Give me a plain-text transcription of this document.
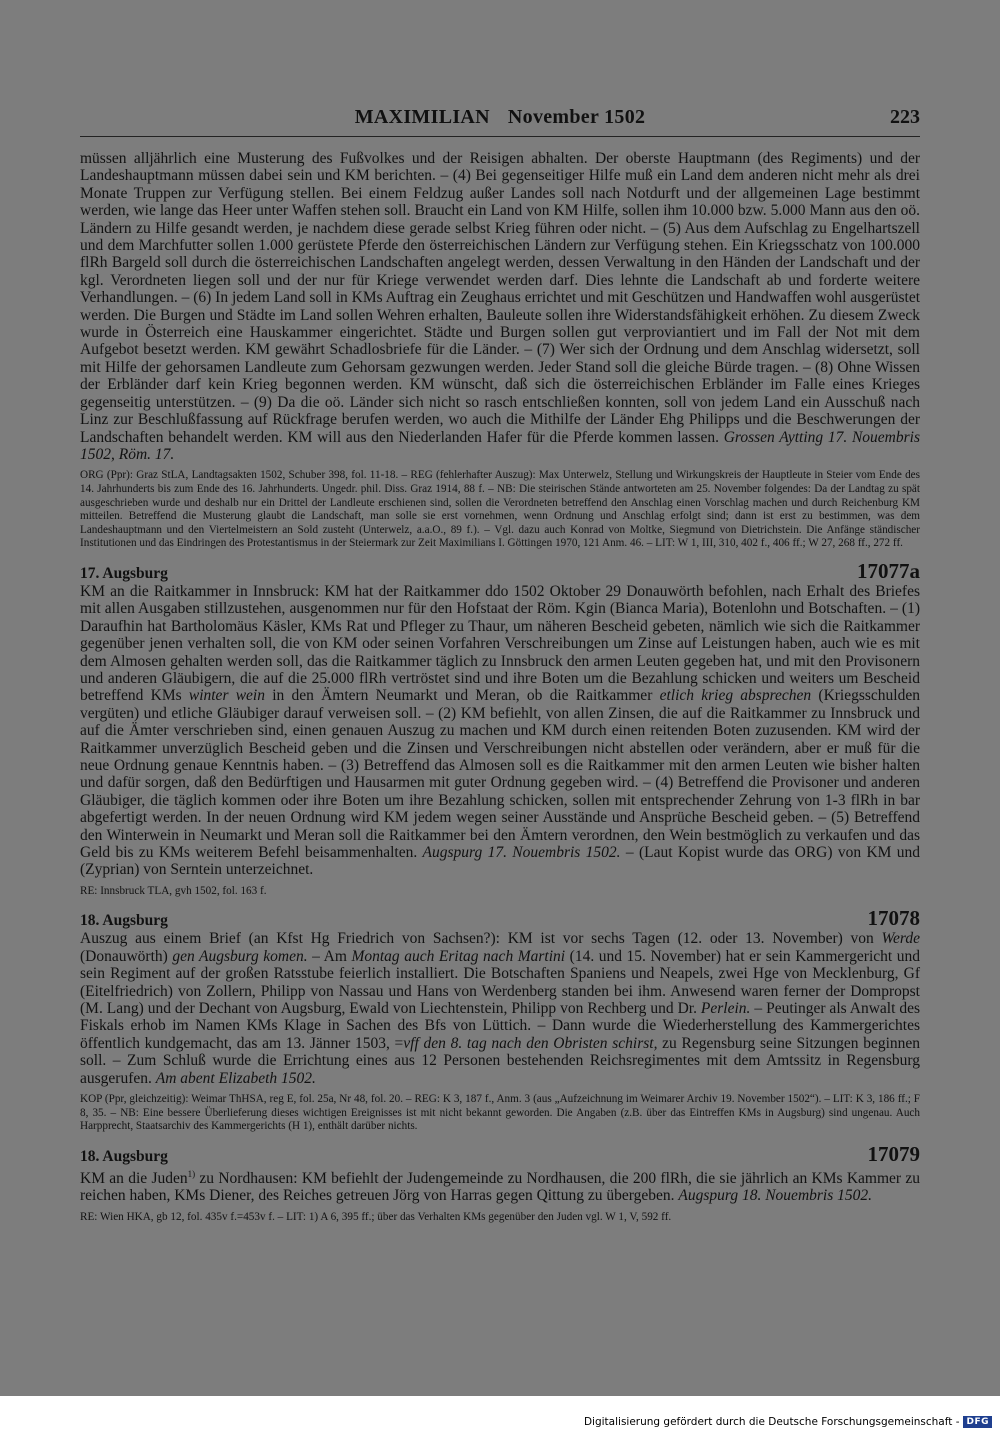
MAXIMILIAN November 1502	223

müssen alljährlich eine Musterung des Fußvolkes und der Reisigen abhalten. Der oberste Hauptmann (des Regiments) und der Landeshauptmann müssen dabei sein und KM berichten. – (4) Bei gegenseitiger Hilfe muß ein Land dem anderen nicht mehr als drei Monate Truppen zur Verfügung stellen. Bei einem Feldzug außer Landes soll nach Notdurft und der allgemeinen Lage bestimmt werden, wie lange das Heer unter Waffen stehen soll. Braucht ein Land von KM Hilfe, sollen ihm 10.000 bzw. 5.000 Mann aus den oö. Ländern zu Hilfe gesandt werden, je nachdem diese gerade selbst Krieg führen oder nicht. – (5) Aus dem Aufschlag zu Engelhartszell und dem Marchfutter sollen 1.000 gerüstete Pferde den österreichischen Ländern zur Verfügung stehen. Ein Kriegsschatz von 100.000 flRh Bargeld soll durch die österreichischen Landschaften angelegt werden, dessen Verwaltung in den Händen der Landschaft und der kgl. Verordneten liegen soll und der nur für Kriege verwendet werden darf. Dies lehnte die Landschaft ab und forderte weitere Verhandlungen. – (6) In jedem Land soll in KMs Auftrag ein Zeughaus errichtet und mit Geschützen und Handwaffen wohl ausgerüstet werden. Die Burgen und Städte im Land sollen Wehren erhalten, Bauleute sollen ihre Widerstandsfähigkeit erhöhen. Zu diesem Zweck wurde in Österreich eine Hauskammer eingerichtet. Städte und Burgen sollen gut verproviantiert und im Fall der Not mit dem Aufgebot besetzt werden. KM gewährt Schadlosbriefe für die Länder. – (7) Wer sich der Ordnung und dem Anschlag widersetzt, soll mit Hilfe der gehorsamen Landleute zum Gehorsam gezwungen werden. Jeder Stand soll die gleiche Bürde tragen. – (8) Ohne Wissen der Erbländer darf kein Krieg begonnen werden. KM wünscht, daß sich die österreichischen Erbländer im Falle eines Krieges gegenseitig unterstützen. – (9) Da die oö. Länder sich nicht so rasch entschließen konnten, soll von jedem Land ein Ausschuß nach Linz zur Beschlußfassung auf Rückfrage berufen werden, wo auch die Mithilfe der Länder Ehg Philipps und die Beschwerungen der Landschaften behandelt werden. KM will aus den Niederlanden Hafer für die Pferde kommen lassen. Grossen Aytting 17. Nouembris 1502, Röm. 17.

ORG (Ppr): Graz StLA, Landtagsakten 1502, Schuber 398, fol. 11-18. – REG (fehlerhafter Auszug): Max Unterwelz, Stellung und Wirkungskreis der Hauptleute in Steier vom Ende des 14. Jahrhunderts bis zum Ende des 16. Jahrhunderts. Ungedr. phil. Diss. Graz 1914, 88 f. – NB: Die steirischen Stände antworteten am 25. November folgendes: Da der Landtag zu spät ausgeschrieben wurde und deshalb nur ein Drittel der Landleute erschienen sind, sollen die Verordneten betreffend den Anschlag einen Vorschlag machen und durch Reichenburg KM mitteilen. Betreffend die Musterung glaubt die Landschaft, man solle sie erst vornehmen, wenn Ordnung und Anschlag erfolgt sind; dann ist erst zu bestimmen, was dem Landeshauptmann und den Viertelmeistern an Sold zusteht (Unterwelz, a.a.O., 89 f.). – Vgl. dazu auch Konrad von Moltke, Siegmund von Dietrichstein. Die Anfänge ständischer Institutionen und das Eindringen des Protestantismus in der Steiermark zur Zeit Maximilians I. Göttingen 1970, 121 Anm. 46. – LIT: W 1, III, 310, 402 f., 406 ff.; W 27, 268 ff., 272 ff.

17. Augsburg	17077a

KM an die Raitkammer in Innsbruck: KM hat der Raitkammer ddo 1502 Oktober 29 Donauwörth befohlen, nach Erhalt des Briefes mit allen Ausgaben stillzustehen, ausgenommen nur für den Hofstaat der Röm. Kgin (Bianca Maria), Botenlohn und Botschaften. – (1) Daraufhin hat Bartholomäus Käsler, KMs Rat und Pfleger zu Thaur, um näheren Bescheid gebeten, nämlich wie sich die Raitkammer gegenüber jenen verhalten soll, die von KM oder seinen Vorfahren Verschreibungen um Zinse auf Leistungen haben, auch wie es mit dem Almosen gehalten werden soll, das die Raitkammer täglich zu Innsbruck den armen Leuten gegeben hat, und mit den Provisonern und anderen Gläubigern, die auf die 25.000 flRh vertröstet sind und ihre Boten um die Bezahlung schicken und weiters um Bescheid betreffend KMs winter wein in den Ämtern Neumarkt und Meran, ob die Raitkammer etlich krieg absprechen (Kriegsschulden vergüten) und etliche Gläubiger darauf verweisen soll. – (2) KM befiehlt, von allen Zinsen, die auf die Raitkammer zu Innsbruck und auf die Ämter verschrieben sind, einen genauen Auszug zu machen und KM durch einen reitenden Boten zuzusenden. KM wird der Raitkammer unverzüglich Bescheid geben und die Zinsen und Verschreibungen nicht abstellen oder verändern, aber er muß für die neue Ordnung genaue Kenntnis haben. – (3) Betreffend das Almosen soll es die Raitkammer mit den armen Leuten wie bisher halten und dafür sorgen, daß den Bedürftigen und Hausarmen mit guter Ordnung gegeben wird. – (4) Betreffend die Provisoner und anderen Gläubiger, die täglich kommen oder ihre Boten um ihre Bezahlung schicken, sollen mit entsprechender Zehrung von 1-3 flRh in bar abgefertigt werden. In der neuen Ordnung wird KM jedem wegen seiner Ausstände und Ansprüche Bescheid geben. – (5) Betreffend den Winterwein in Neumarkt und Meran soll die Raitkammer bei den Ämtern verordnen, den Wein bestmöglich zu verkaufen und das Geld bis zu KMs weiterem Befehl beisammenhalten. Augspurg 17. Nouembris 1502. – (Laut Kopist wurde das ORG) von KM und (Zyprian) von Serntein unterzeichnet.

RE: Innsbruck TLA, gvh 1502, fol. 163 f.

18. Augsburg	17078

Auszug aus einem Brief (an Kfst Hg Friedrich von Sachsen?): KM ist vor sechs Tagen (12. oder 13. November) von Werde (Donauwörth) gen Augsburg komen. – Am Montag auch Eritag nach Martini (14. und 15. November) hat er sein Kammergericht und sein Regiment auf der großen Ratsstube feierlich installiert. Die Botschaften Spaniens und Neapels, zwei Hge von Mecklenburg, Gf (Eitelfriedrich) von Zollern, Philipp von Nassau und Hans von Werdenberg standen bei ihm. Anwesend waren ferner der Dompropst (M. Lang) und der Dechant von Augsburg, Ewald von Liechtenstein, Philipp von Rechberg und Dr. Perlein. – Peutinger als Anwalt des Fiskals erhob im Namen KMs Klage in Sachen des Bfs von Lüttich. – Dann wurde die Wiederherstellung des Kammergerichtes öffentlich kundgemacht, das am 13. Jänner 1503, =vff den 8. tag nach den Obristen schirst, zu Regensburg seine Sitzungen beginnen soll. – Zum Schluß wurde die Errichtung eines aus 12 Personen bestehenden Reichsregimentes mit dem Amtssitz in Regensburg ausgerufen. Am abent Elizabeth 1502.

KOP (Ppr, gleichzeitig): Weimar ThHSA, reg E, fol. 25a, Nr 48, fol. 20. – REG: K 3, 187 f., Anm. 3 (aus „Aufzeichnung im Weimarer Archiv 19. November 1502“). – LIT: K 3, 186 ff.; F 8, 35. – NB: Eine bessere Überlieferung dieses wichtigen Ereignisses ist mit nicht bekannt geworden. Die Angaben (z.B. über das Eintreffen KMs in Augsburg) sind ungenau. Auch Harpprecht, Staatsarchiv des Kammergerichts (H 1), enthält darüber nichts.

18. Augsburg	17079

KM an die Juden$^{1)}$ zu Nordhausen: KM befiehlt der Judengemeinde zu Nordhausen, die 200 flRh, die sie jährlich an KMs Kammer zu reichen haben, KMs Diener, des Reiches getreuen Jörg von Harras gegen Qittung zu übergeben. Augspurg 18. Nouembris 1502.

RE: Wien HKA, gb 12, fol. 435v f.=453v f. – LIT: 1) A 6, 395 ff.; über das Verhalten KMs gegenüber den Juden vgl. W 1, V, 592 ff.

Digitalisierung gefördert durch die Deutsche Forschungsgemeinschaft - DFG
